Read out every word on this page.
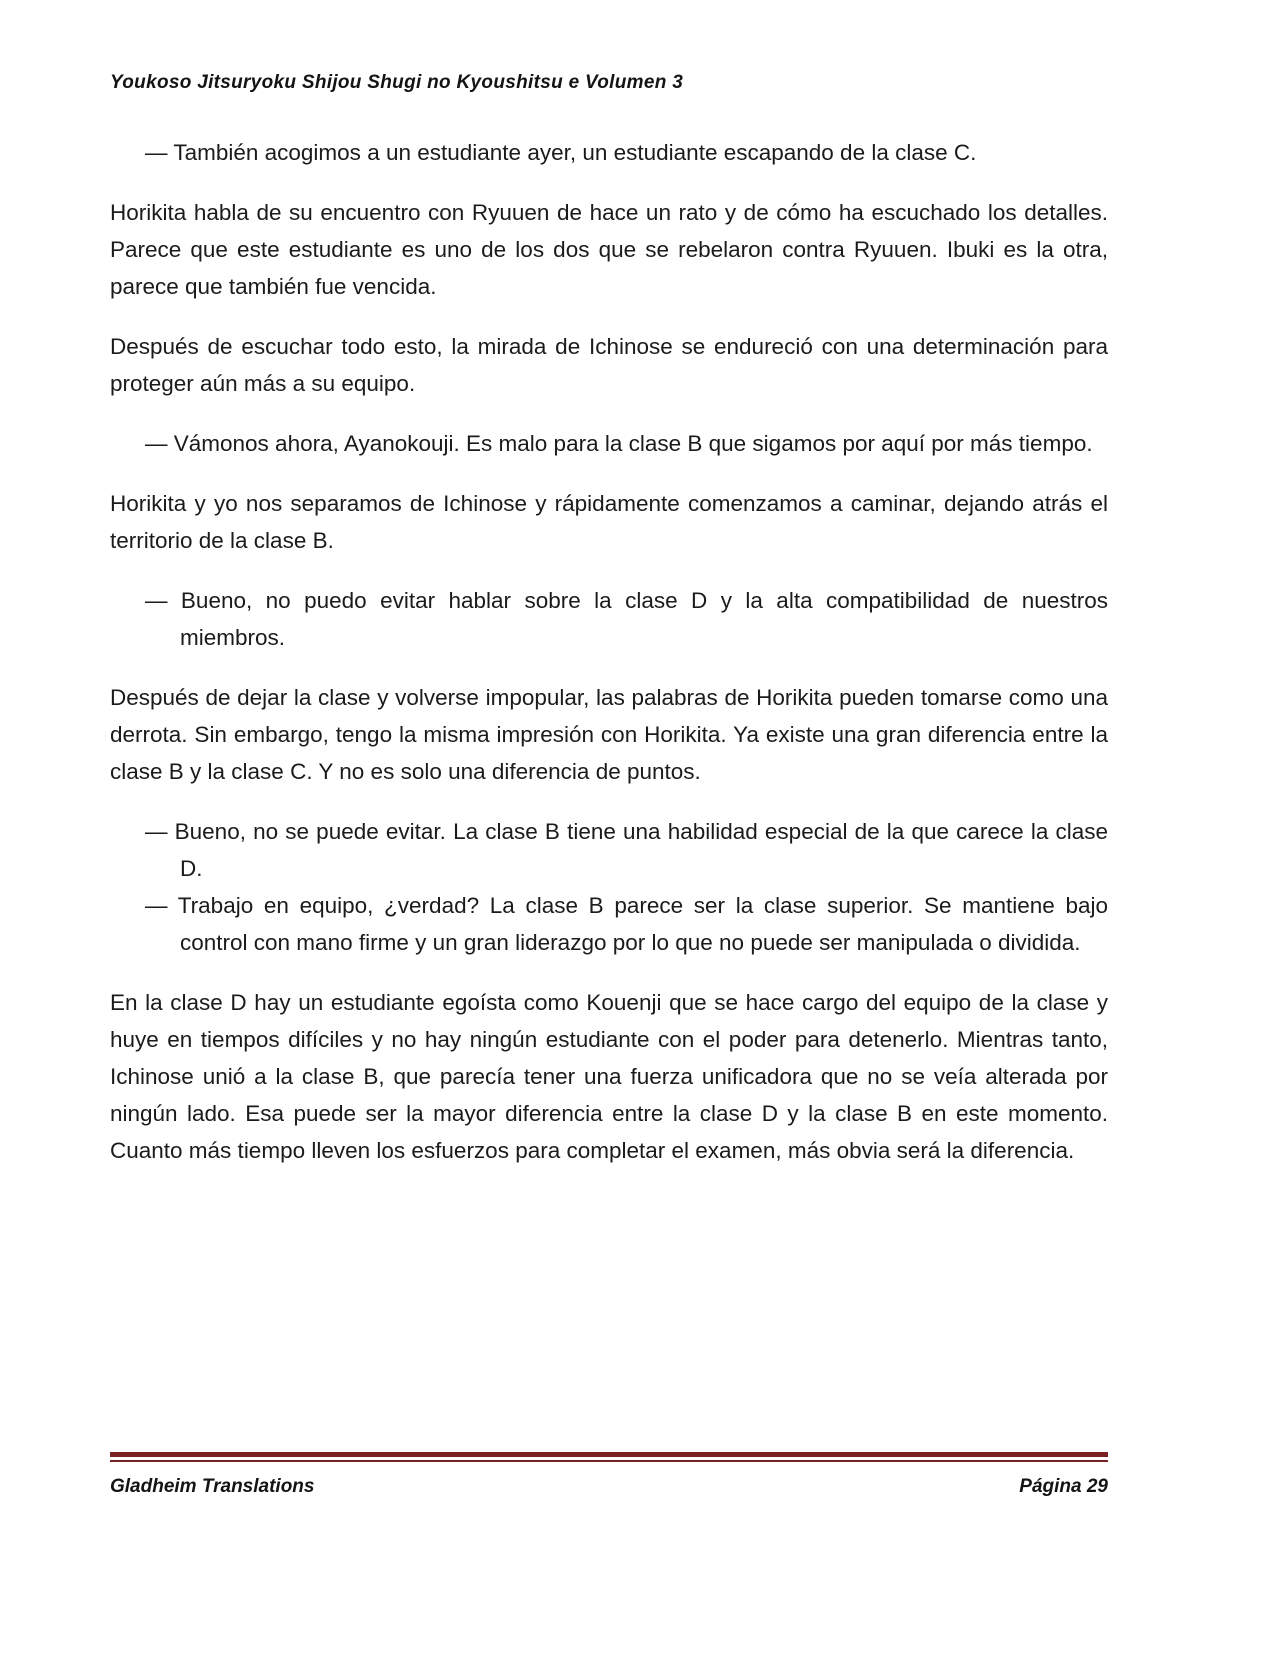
Youkoso Jitsuryoku Shijou Shugi no Kyoushitsu e Volumen 3

— También acogimos a un estudiante ayer, un estudiante escapando de la clase C.

Horikita habla de su encuentro con Ryuuen de hace un rato y de cómo ha escuchado los detalles. Parece que este estudiante es uno de los dos que se rebelaron contra Ryuuen. Ibuki es la otra, parece que también fue vencida.

Después de escuchar todo esto, la mirada de Ichinose se endureció con una determinación para proteger aún más a su equipo.

— Vámonos ahora, Ayanokouji. Es malo para la clase B que sigamos por aquí por más tiempo.

Horikita y yo nos separamos de Ichinose y rápidamente comenzamos a caminar, dejando atrás el territorio de la clase B.

— Bueno, no puedo evitar hablar sobre la clase D y la alta compatibilidad de nuestros miembros.

Después de dejar la clase y volverse impopular, las palabras de Horikita pueden tomarse como una derrota. Sin embargo, tengo la misma impresión con Horikita. Ya existe una gran diferencia entre la clase B y la clase C. Y no es solo una diferencia de puntos.

— Bueno, no se puede evitar. La clase B tiene una habilidad especial de la que carece la clase D.

— Trabajo en equipo, ¿verdad? La clase B parece ser la clase superior. Se mantiene bajo control con mano firme y un gran liderazgo por lo que no puede ser manipulada o dividida.

En la clase D hay un estudiante egoísta como Kouenji que se hace cargo del equipo de la clase y huye en tiempos difíciles y no hay ningún estudiante con el poder para detenerlo. Mientras tanto, Ichinose unió a la clase B, que parecía tener una fuerza unificadora que no se veía alterada por ningún lado. Esa puede ser la mayor diferencia entre la clase D y la clase B en este momento. Cuanto más tiempo lleven los esfuerzos para completar el examen, más obvia será la diferencia.

Gladheim Translations	Página 29
